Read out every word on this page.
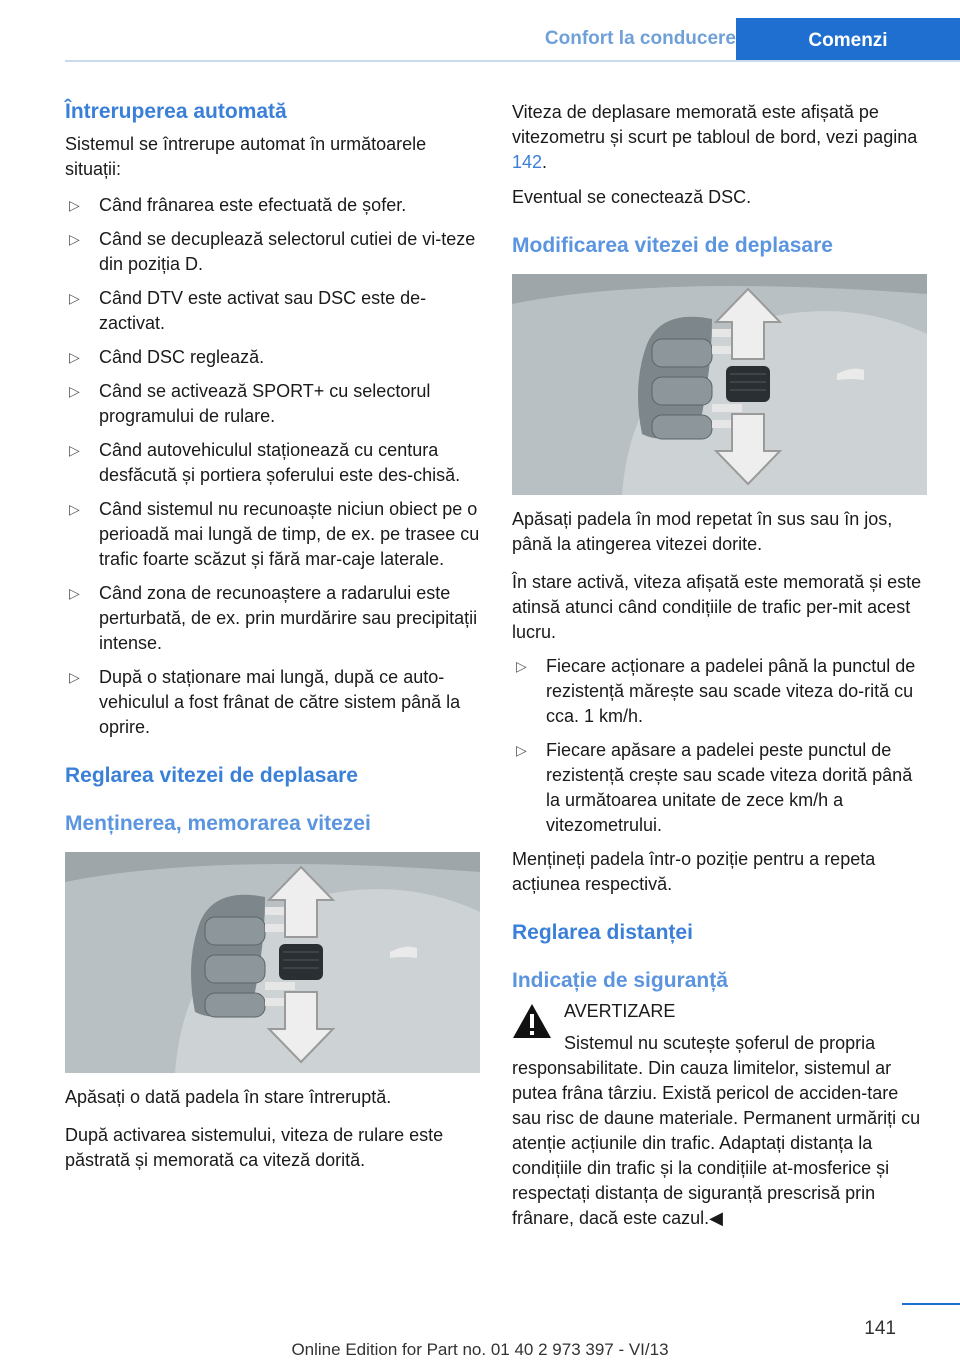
Confort la conducere	Comenzi
Întreruperea automată

Sistemul se întrerupe automat în următoarele situații:

▷ Când frânarea este efectuată de șofer.
▷ Când se decuplează selectorul cutiei de vi-teze din poziția D.
▷ Când DTV este activat sau DSC este de-zactivat.
▷ Când DSC reglează.
▷ Când se activează SPORT+ cu selectorul programului de rulare.
▷ Când autovehiculul staționează cu centura desfăcută și portiera șoferului este des-chisă.
▷ Când sistemul nu recunoaște niciun obiect pe o perioadă mai lungă de timp, de ex. pe trasee cu trafic foarte scăzut și fără mar-caje laterale.
▷ Când zona de recunoaștere a radarului este perturbată, de ex. prin murdărire sau precipitații intense.
▷ După o staționare mai lungă, după ce auto-vehiculul a fost frânat de către sistem până la oprire.
Reglarea vitezei de deplasare
Menținerea, memorarea vitezei

Apăsați o dată padela în stare întreruptă.

După activarea sistemului, viteza de rulare este păstrată și memorată ca viteză dorită.

Viteza de deplasare memorată este afișată pe vitezometru și scurt pe tabloul de bord, vezi pagina 142.

Eventual se conectează DSC.

Modificarea vitezei de deplasare

Apăsați padela în mod repetat în sus sau în jos, până la atingerea vitezei dorite.

În stare activă, viteza afișată este memorată și este atinsă atunci când condițiile de trafic per-mit acest lucru.

▷ Fiecare acționare a padelei până la punctul de rezistență mărește sau scade viteza do-rită cu cca. 1 km/h.
▷ Fiecare apăsare a padelei peste punctul de rezistență crește sau scade viteza dorită până la următoarea unitate de zece km/h a vitezometrului.

Mențineți padela într-o poziție pentru a repeta acțiunea respectivă.

Reglarea distanței
Indicație de siguranță

AVERTIZARE

Sistemul nu scutește șoferul de propria responsabilitate. Din cauza limitelor, sistemul ar putea frâna târziu. Există pericol de acciden-tare sau risc de daune materiale. Permanent urmăriți cu atenție acțiunile din trafic. Adaptați distanța la condițiile din trafic și la condițiile at-mosferice și respectați distanța de siguranță prescrisă prin frânare, dacă este cazul.◀

141
Online Edition for Part no. 01 40 2 973 397 - VI/13
